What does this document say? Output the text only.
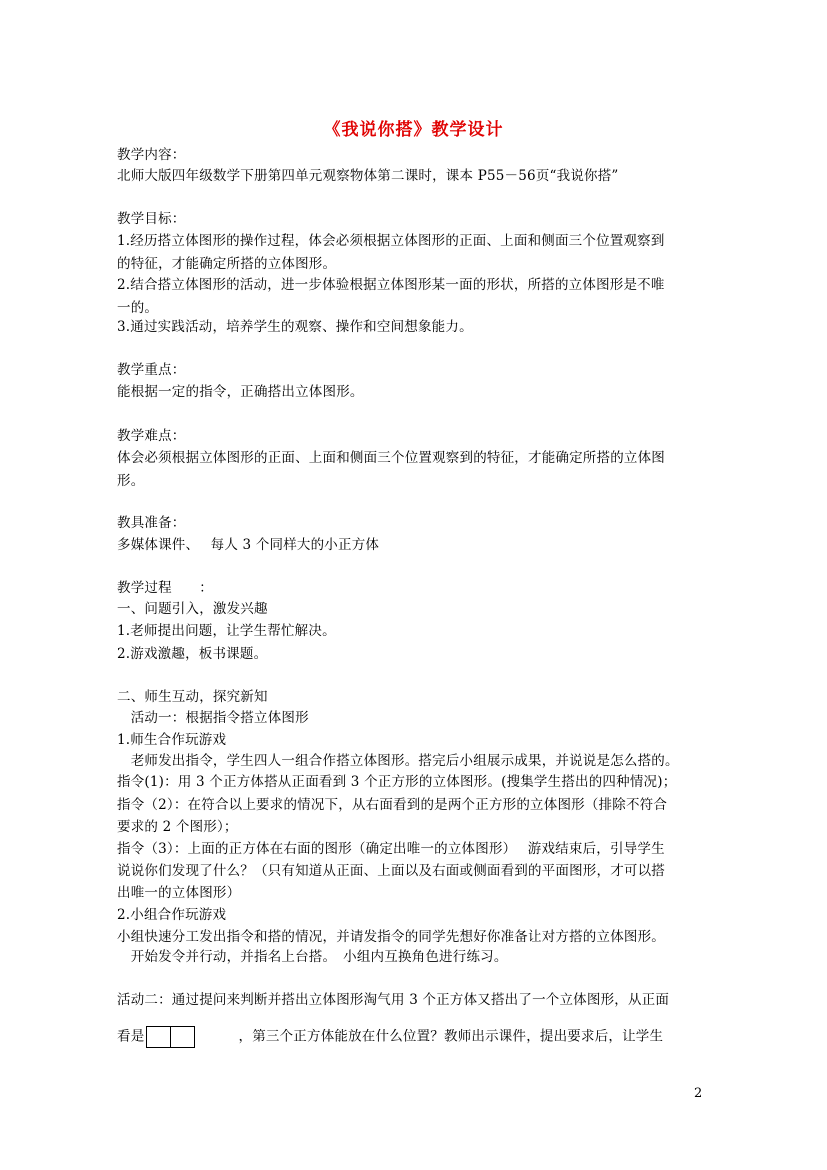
《我说你搭》教学设计
教学内容：
北师大版四年级数学下册第四单元观察物体第二课时，课本 P55－56页“我说你搭”
教学目标：
1.经历搭立体图形的操作过程，体会必须根据立体图形的正面、上面和侧面三个位置观察到
的特征，才能确定所搭的立体图形。
2.结合搭立体图形的活动，进一步体验根据立体图形某一面的形状，所搭的立体图形是不唯
一的。
3.通过实践活动，培养学生的观察、操作和空间想象能力。
教学重点：
能根据一定的指令，正确搭出立体图形。
教学难点：
体会必须根据立体图形的正面、上面和侧面三个位置观察到的特征，才能确定所搭的立体图
形。
教具准备：
多媒体课件、　 每人 3 个同样大的小正方体
教学过程　　：
一、问题引入，激发兴趣
1.老师提出问题，让学生帮忙解决。
2.游戏激趣，板书课题。
二、师生互动，探究新知
　活动一：根据指令搭立体图形
1.师生合作玩游戏
　老师发出指令，学生四人一组合作搭立体图形。搭完后小组展示成果，并说说是怎么搭的。
指令(1)：用 3 个正方体搭从正面看到 3 个正方形的立体图形。(搜集学生搭出的四种情况)；
指令（2）：在符合以上要求的情况下，从右面看到的是两个正方形的立体图形（排除不符合
要求的 2 个图形）；
指令（3）：上面的正方体在右面的图形（确定出唯一的立体图形）　 游戏结束后，引导学生
说说你们发现了什么？（只有知道从正面、上面以及右面或侧面看到的平面图形，才可以搭
出唯一的立体图形）
2.小组合作玩游戏
小组快速分工发出指令和搭的情况，并请发指令的同学先想好你准备让对方搭的立体图形。
　开始发令并行动，并指名上台搭。　小组内互换角色进行练习。
活动二：通过提问来判断并搭出立体图形淘气用 3 个正方体又搭出了一个立体图形，从正面
看是	　　　，第三个正方体能放在什么位置？教师出示课件，提出要求后，让学生
2
